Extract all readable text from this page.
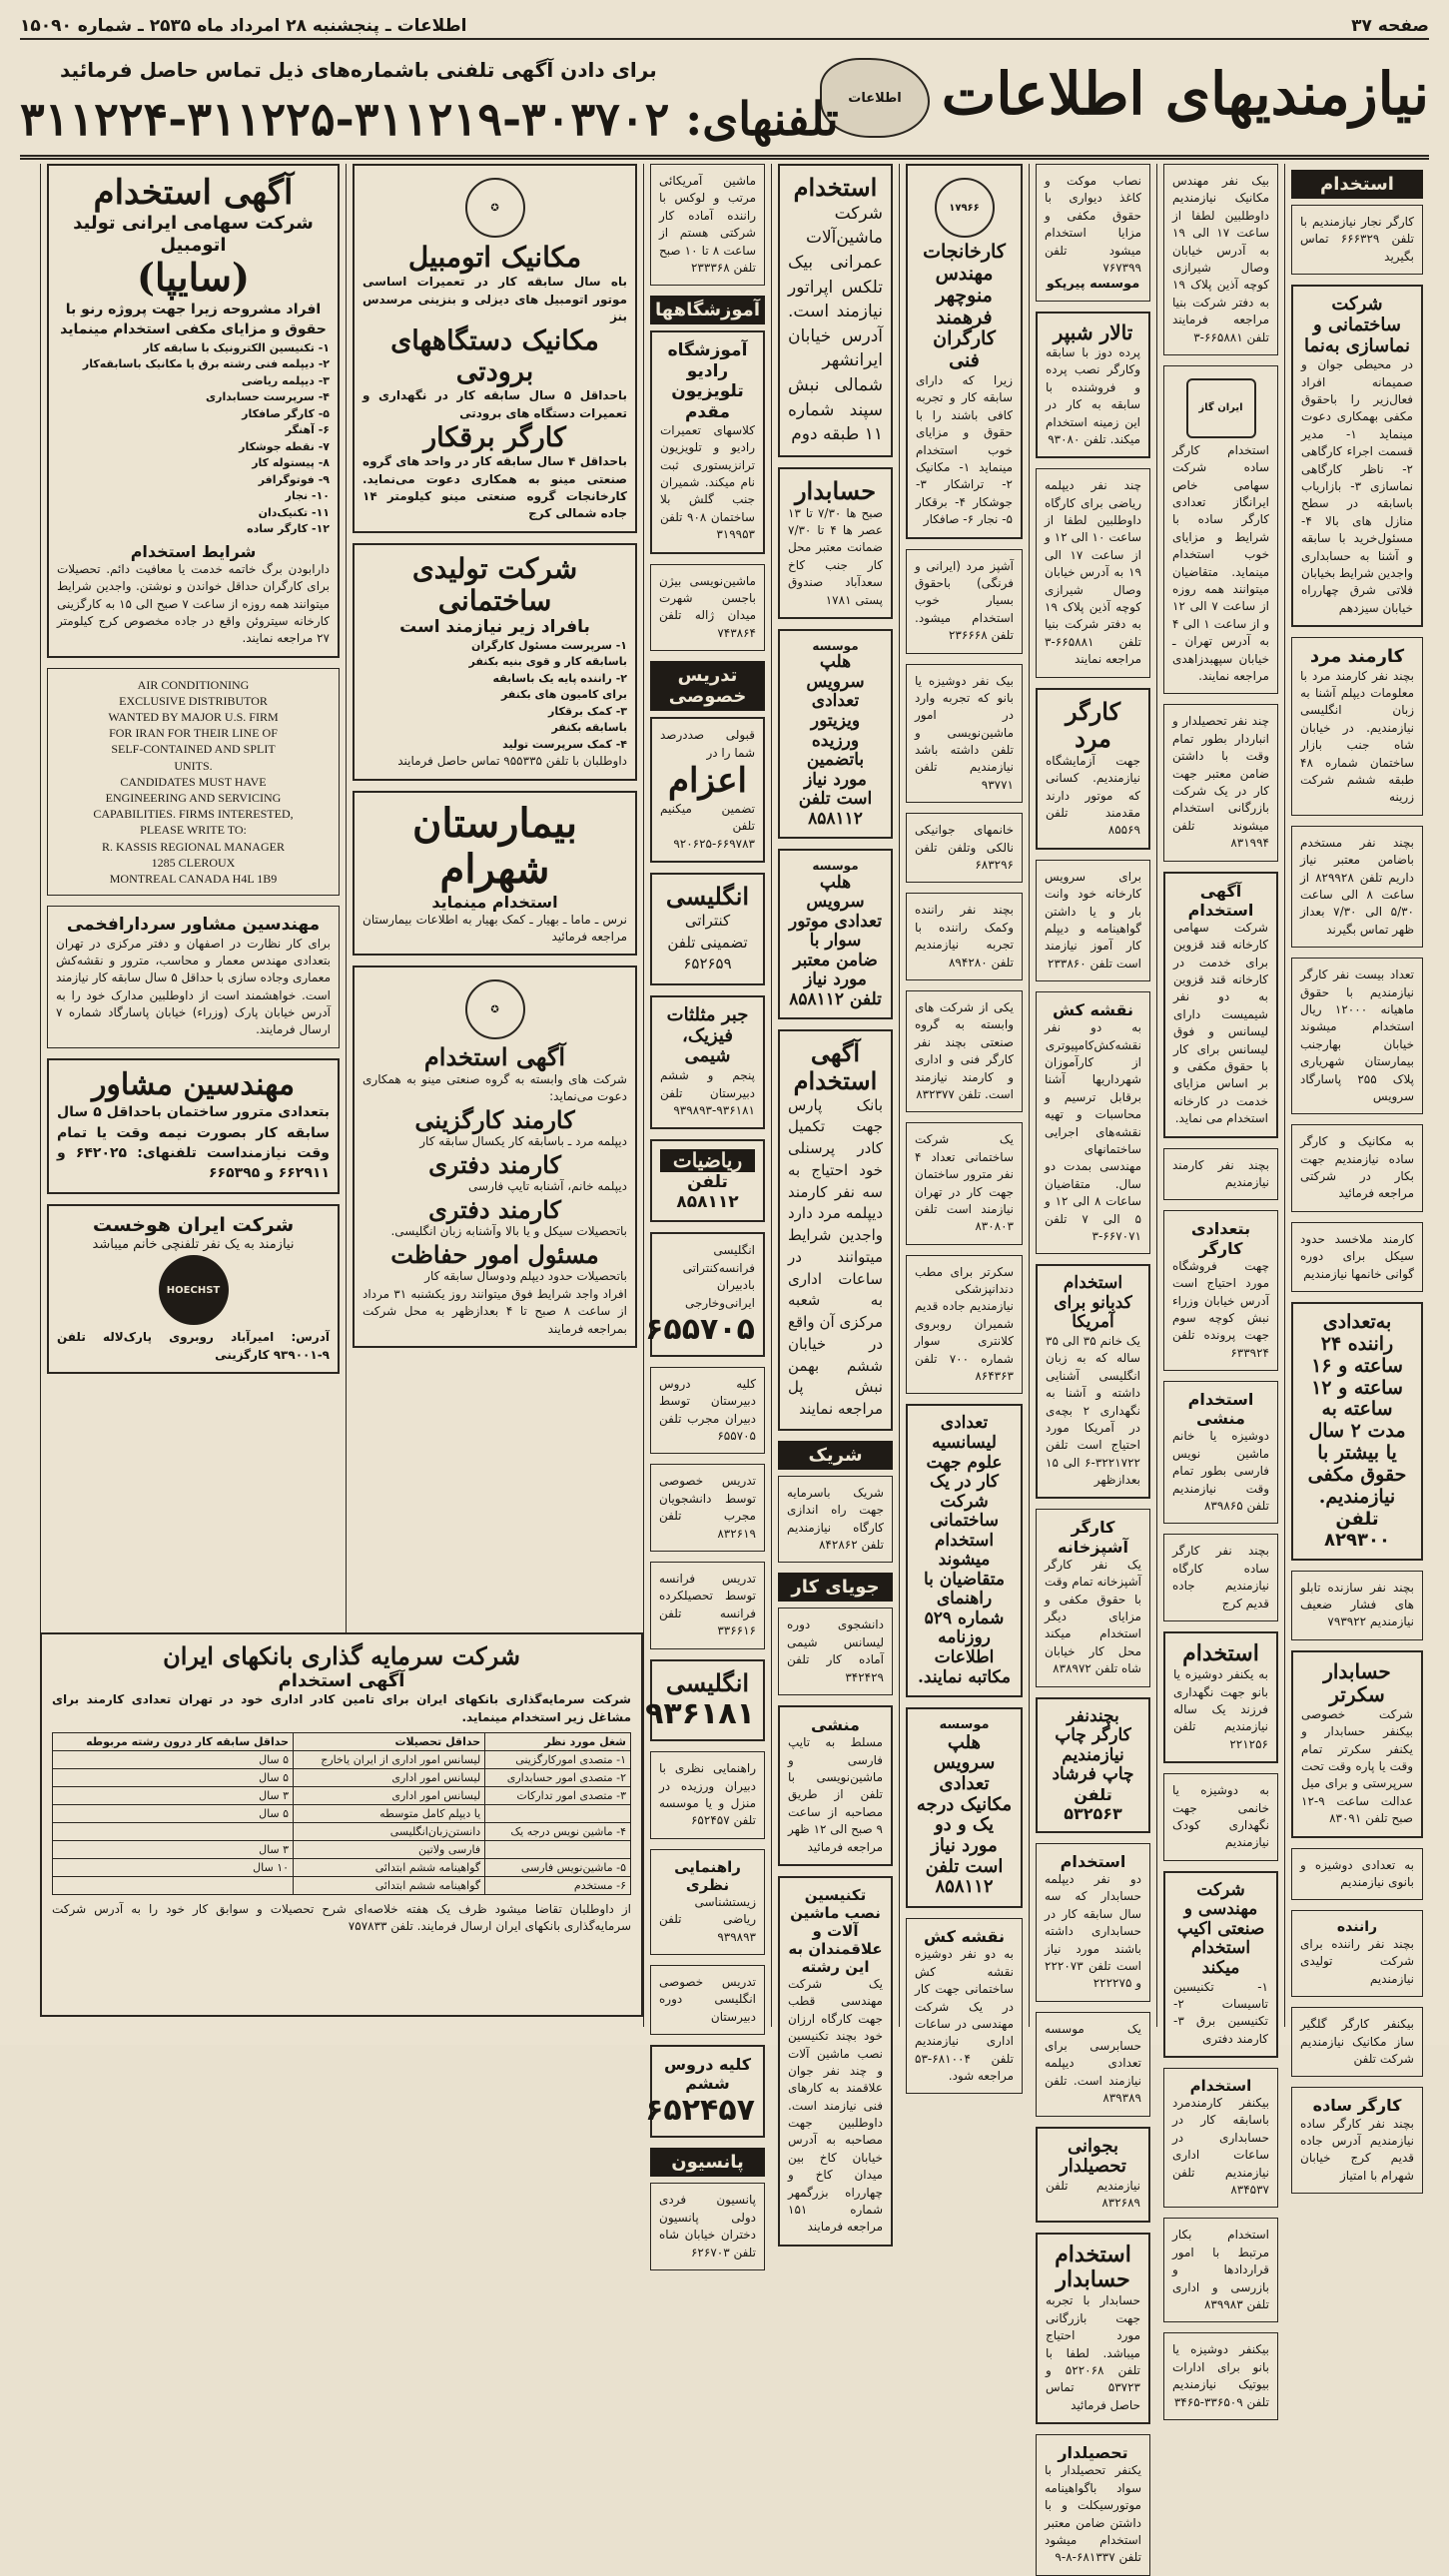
صفحه ۳۷
اطلاعات ـ پنجشنبه ۲۸ امرداد ماه ۲۵۳۵ ـ شماره ۱۵۰۹۰
نیازمندیهای اطلاعات
اطلاعات
برای دادن آگهی تلفنی باشماره‌های ذیل تماس حاصل فرمائید
تلفنهای: ۳۰۳۷۰۲-۳۱۱۲۱۹-۳۱۱۲۲۵-۳۱۱۲۲۴
استخدام

کارگر نجار نیازمندیم با تلفن ۶۶۶۳۲۹ تماس بگیرید

شرکت ساختمانی و نماسازی به‌نما

در محیطی جوان و صمیمانه افراد فعال‌زیر را باحقوق مکفی بهمکاری دعوت مینماید ۱- مدیر قسمت اجراء کارگاهی ۲- ناظر کارگاهی نماسازی ۳- بازاریاب باسابقه در سطح منازل های بالا ۴- مسئول‌خرید با سابقه و آشنا به حسابداری واجدین شرایط بخیابان فلاتی شرق چهارراه خیابان سیزدهم

کارمند مرد

بچند نفر کارمند مرد با معلومات دیپلم آشنا به زبان انگلیسی نیازمندیم. در خیابان شاه جنب بازار ساختمان شماره ۴۸ طبقه ششم شرکت زرینه

بچند نفر مستخدم باضامن معتبر نیاز داریم تلفن ۸۲۹۹۲۸ از ساعت ۸ الی ساعت ۵/۳۰ الی ۷/۳۰ بعداز ظهر تماس بگیرند

تعداد بیست نفر کارگر نیازمندیم با حقوق ماهیانه ۱۲۰۰۰ ریال استخدام میشوند خیابان بهارجنب بیمارستان شهریاری پلاک ۲۵۵ پاسارگاد سرویس

به مکانیک و کارگر ساده نیازمندیم جهت بکار در شرکتی مراجعه فرمائید

کارمند ملاخسد حدود سیکل برای دوره گوانی خانمها نیازمندیم

به‌تعدادی راننده ۲۴ ساعته و ۱۶ ساعته و ۱۲ ساعته به مدت ۲ سال یا بیشتر با حقوق مکفی نیازمندیم.
تلفن ۸۲۹۳۰۰

بچند نفر سازنده تابلو های فشار ضعیف نیازمندیم ۷۹۳۹۲۲

حسابدار سکرتر

شرکت خصوصی بیکنفر حسابدار و یکنفر سکرتر تمام وقت یا پاره وقت تحت سرپرستی و برای میل عدالت ساعت ۹-۱۲ صبح تلفن ۸۳۰۹۱

به تعدادی دوشیزه و بانوی نیازمندیم

راننده

بچند نفر راننده برای شرکت تولیدی نیازمندیم

بیکنفر کارگر گلگیر ساز مکانیک نیازمندیم شرکت تلفن

کارگر ساده

بچند نفر کارگر ساده نیازمندیم آدرس جاده قدیم کرج خیابان شهرام با امتیاز

بیک نفر مهندس مکانیک نیازمندیم داوطلبین لطفا از ساعت ۱۷ الی ۱۹ به آدرس خیابان وصال شیرازی کوچه آذین پلاک ۱۹ به دفتر شرکت بنیا مراجعه فرمایند تلفن ۶۶۵۸۸۱-۳

ایران گاز

استخدام کارگر ساده شرکت سهامی خاص ایرانگاز تعدادی کارگر ساده با شرایط و مزایای خوب استخدام مینماید. متقاضیان میتوانند همه روزه از ساعت ۷ الی ۱۲ و از ساعت ۱ الی ۴ به آدرس تهران ـ خیابان سپهبدزاهدی مراجعه نمایند.

چند نفر تحصیلدار و انباردار بطور تمام وقت با داشتن ضامن معتبر جهت کار در یک شرکت بازرگانی استخدام میشوند تلفن ۸۳۱۹۹۴

آگهی استخدام

شرکت سهامی کارخانه قند قزوین برای خدمت در کارخانه قند قزوین به دو نفر شیمیست دارای لیسانس و فوق لیسانس برای کار با حقوق مکفی و بر اساس مزایای خدمت در کارخانه استخدام می نماید.

بچند نفر کارمند نیازمندیم

بتعدادی کارگر

چهت فروشگاه مورد احتیاج است آدرس خیابان وزراء نبش کوچه سوم جهت پرونده تلفن ۶۳۳۹۲۴

استخدام منشی

دوشیزه یا خانم ماشین نویس فارسی بطور تمام وقت نیازمندیم تلفن ۸۳۹۸۶۵

بچند نفر کارگر ساده کارگاه نیازمندیم جاده قدیم کرج

استخدام

به یکنفر دوشیزه یا بانو جهت نگهداری فرزند یک ساله نیازمندیم تلفن ۲۲۱۲۵۶

به دوشیزه یا خانمی جهت نگهداری کودک نیازمندیم

شرکت مهندسی و صنعتی اکیپ استخدام میکند

۱- تکنیسین تاسیسات ۲- تکنیسین برق ۳- کارمند دفتری

استخدام

بیکنفر کارمندمرد باسابقه کار در حسابداری در ساعات اداری نیازمندیم تلفن ۸۳۴۵۳۷

استخدام بکار مرتبط با امور قراردادها و بازرسی و اداری تلفن ۸۳۹۹۸۳

بیکنفر دوشیزه یا بانو برای ادارات بیوتیک نیازمندیم تلفن ۳۳۶۵۰۹-۳۴۶۵

نصاب موکت و کاغذ دیواری با حقوق مکفی و مزایا استخدام میشود تلفن ۷۶۷۳۹۹

موسسه پیرپکو
تالار شبپر

پرده دوز با سابقه وکارگر نصب پرده و فروشنده با سابقه به کار در این زمینه استخدام میکند. تلفن ۹۳۰۸۰

چند نفر دیپلمه ریاضی برای کارگاه داوطلبین لطفا از ساعت ۱۰ الی ۱۲ و از ساعت ۱۷ الی ۱۹ به آدرس خیابان وصال شیرازی کوچه آذین پلاک ۱۹ به دفتر شرکت بنیا تلفن ۶۶۵۸۸۱-۳ مراجعه نمایند

کارگر مرد

جهت آزمایشگاه نیازمندیم. کسانی که موتور دارند مقدمند تلفن ۸۵۵۶۹

برای سرویس کارخانه خود وانت بار و یا داشتن گواهینامه و دیپلم کار آموز نیازمند است تلفن ۲۳۳۸۶۰

نقشه کش

به دو نفر نقشه‌کش‌کامپیوتری از کارآموزان شهرداریها آشنا برقابل ترسیم و محاسبات و تهیه نقشه‌های اجرایی ساختمانهای مهندسی بمدت دو سال. متقاضیان ساعات ۸ الی ۱۲ و ۵ الی ۷ تلفن ۶۶۷۰۷۱-۳

استخدام کدبانو برای آمریکا

یک خانم ۳۵ الی ۳۵ ساله که به زبان انگلیسی آشنایی داشته و آشنا به نگهداری ۲ بچه‌ی در آمریکا مورد احتیاج است تلفن ۳۲۲۱۷۲۲-۶ الی ۱۵ بعدازظهر

کارگر آشپزخانه

یک نفر کارگر آشپزخانه تمام وقت با حقوق مکفی و مزایای دیگر استخدام میکند محل کار خیابان شاه تلفن ۸۳۸۹۷۲

بچندنفر کارگر چاپ نیازمندیم چاپ فرشاد
تلفن ۵۳۲۵۶۳
استخدام

دو نفر دیپلمه حسابدار که سه سال سابقه کار در حسابداری داشته باشند مورد نیاز است تلفن ۲۲۲۰۷۳ و ۲۲۲۲۷۵

یک موسسه حسابرسی برای تعدادی دیپلمه نیازمند است. تلفن ۸۳۹۳۸۹

بجوانی تحصیلدار

نیازمندیم تلفن ۸۳۲۶۸۹

استخدام حسابدار

حسابدار با تجربه جهت بازرگانی مورد احتیاج میباشد. لطفا با تلفن ۵۲۲۰۶۸ و ۵۳۷۲۳ تماس حاصل فرمائید

تحصیلدار

یکنفر تحصیلدار با سواد باگواهینامه موتورسیکلت و با داشتن ضامن معتبر استخدام میشود تلفن ۶۸۱۳۳۷-۸-۹

۱۷۹۶۶
کارخانجات مهندس منوچهر فرهمند کارگران فنی

زیرا که دارای سابقه کار و تجربه کافی باشند را با حقوق و مزایای خوب استخدام مینماید ۱- مکانیک ۲- تراشکار ۳- جوشکار ۴- برقکار ۵- نجار ۶- صافکار

آشپز مرد (ایرانی و فرنگی) باحقوق بسیار خوب استخدام میشود. تلفن ۲۳۶۶۶۸

بیک نفر دوشیزه یا بانو که تجربه وارد در امور ماشین‌نویسی و تلفن داشته باشد نیازمندیم تلفن ۹۳۷۷۱

خانمهای جوانیکی نالکی وتلفن تلفن ۶۸۳۲۹۶

بچند نفر راننده وکمک راننده با تجربه نیازمندیم تلفن ۸۹۴۲۸۰

یکی از شرکت های وابسته به گروه صنعتی بچند نفر کارگر فنی و اداری و کارمند نیازمند است. تلفن ۸۳۲۳۷۷

یک شرکت ساختمانی تعداد ۴ نفر مترور ساختمان جهت کار در تهران نیازمند است تلفن ۸۳۰۸۰۳

سکرتر برای مطب دندانپزشکی نیازمندیم جاده قدیم شمیران روبروی کلانتری سوار شماره ۷۰۰ تلفن ۸۶۴۳۶۳

تعدادی لیسانسیه علوم جهت کار در یک شرکت ساختمانی استخدام میشوند متقاضیان با راهنمای شماره ۵۲۹ روزنامه اطلاعات مکاتبه نمایند.
موسسه
هلپ سرویس تعدادی مکانیک درجه یک و دو مورد نیاز است تلفن ۸۵۸۱۱۲
نقشه کش

به دو نفر دوشیزه نقشه کش ساختمانی جهت کار در یک شرکت مهندسی در ساعات اداری نیازمندیم تلفن ۶۸۱۰۰۴-۵۳ مراجعه شود.

استخدام

شرکت ماشین‌آلات عمرانی بیک تلکس اپراتور نیازمند است. آدرس خیابان ایرانشهر شمالی نبش سپند شماره ۱۱ طبقه دوم

حسابدار

صبح ها ۷/۳۰ تا ۱۳ عصر ها ۴ تا ۷/۳۰ ضمانت معتبر محل کار جنب کاخ سعدآباد صندوق پستی ۱۷۸۱

موسسه
هلپ سرویس تعدادی ویزیتور ورزیده باتضمین مورد نیاز است تلفن ۸۵۸۱۱۲
موسسه
هلپ سرویس تعدادی موتور سوار با ضامن معتبر مورد نیاز تلفن ۸۵۸۱۱۲
آگهی استخدام

بانک پارس جهت تکمیل کادر پرسنلی خود احتیاج به سه نفر کارمند دیپلمه مرد دارد واجدین شرایط میتوانند در ساعات اداری به شعبه مرکزی آن واقع در خیابان ششم بهمن نبش پل مراجعه نمایند

شریک

شریک باسرمایه جهت راه اندازی کارگاه نیازمندیم تلفن ۸۴۲۸۶۲

جویای کار

دانشجوی دوره لیسانس شیمی آماده کار تلفن ۳۴۲۴۲۹

منشی

مسلط به تایپ فارسی و ماشین‌نویسی با تلفن از طریق مصاحبه از ساعت ۹ صبح الی ۱۲ ظهر مراجعه فرمائید

تکنیسین نصب ماشین آلات و علاقمندان به این رشته

یک شرکت مهندسی قطب جهت کارگاه ارزان خود بچند تکنیسین نصب ماشین آلات و چند نفر جوان علاقمند به کارهای فنی نیازمند است. داوطلبین جهت مصاحبه به آدرس خیابان کاخ بین میدان کاخ و چهارراه بزرگمهر شماره ۱۵۱ مراجعه فرمایند

ماشین آمریکائی مرتب و لوکس با راننده آماده کار شرکتی هستم از ساعت ۸ تا ۱۰ صبح تلفن ۲۳۳۳۶۸

آموزشگاهها
آموزشگاه رادیو تلویزیون مقدم

کلاسهای تعمیرات رادیو و تلویزیون ترانزیستوری ثبت نام میکند. شمیران جنب گلش بلا ساختمان ۹۰۸ تلفن ۳۱۹۹۵۳

ماشین‌نویسی بیژن باجسن شهرت میدان ژاله تلفن ۷۴۳۸۶۴

تدریس خصوصی

قبولی صددرصد شما را در

اعزام

تضمین میکنیم تلفن ۶۶۹۷۸۳-۹۲۰۶۲۵

انگلیسی

کنتراتی تضمینی تلفن ۶۵۲۶۵۹

جبر مثلثات فیزیک، شیمی

پنجم و ششم دبیرستان تلفن ۹۳۶۱۸۱-۹۳۹۸۹۳

ریاضیات
تلفن ۸۵۸۱۱۲

انگلیسی فرانسه‌کنتراتی بادبیران ایرانی‌وخارجی

۶۵۵۷۰۵

کلیه دروس دبیرستان توسط دبیران مجرب تلفن ۶۵۵۷۰۵

تدریس خصوصی توسط دانشجویان مجرب تلفن ۸۳۲۶۱۹

تدریس فرانسه توسط تحصیلکرده فرانسه تلفن ۳۳۶۶۱۶

انگلیسی
۹۳۶۱۸۱

راهنمایی نظری با دبیران ورزیده در منزل و یا موسسه تلفن ۶۵۲۴۵۷

راهنمایی نظری

زیستشناسی ریاضی تلفن ۹۳۹۸۹۳

تدریس خصوصی انگلیسی دوره دبیرستان

کلیه دروس ششم
۶۵۲۴۵۷
پانسیون

پانسیون فردی دولی پانسیون دختران خیابان شاه تلفن ۶۲۶۷۰۳

آگهی استخدام
شرکت سهامی ایرانی تولید اتومبیل
(سایپا)

افراد مشروحه زیرا جهت پروژه رنو با حقوق و مزایای مکفی استخدام مینماید

۱- تکنیسین الکترونیک با سابقه کار

۲- دیپلمه فنی رشته برق یا مکانیک باسابقه‌کار

۳- دیپلمه ریاضی

۴- سرپرست حسابداری

۵- کارگر صافکار

۶- آهنگر

۷- نقطه جوشکار

۸- پیستوله کار

۹- فوتوگرافر

۱۰- نجار

۱۱- تکنیک‌دان

۱۲- کارگر ساده

شرایط استخدام

دارابودن برگ خاتمه خدمت یا معافیت دائم. تحصیلات برای کارگران حداقل خواندن و نوشتن. واجدین شرایط میتوانند همه روزه از ساعت ۷ صبح الی ۱۵ به کارگزینی کارخانه سیتروئن واقع در جاده مخصوص کرج کیلومتر ۲۷ مراجعه نمایند.

AIR CONDITIONING
EXCLUSIVE DISTRIBUTOR
WANTED BY MAJOR U.S. FIRM
FOR IRAN FOR THEIR LINE OF
SELF-CONTAINED AND SPLIT
UNITS.
CANDIDATES MUST HAVE
ENGINEERING AND SERVICING
CAPABILITIES. FIRMS INTERESTED,
PLEASE WRITE TO:
R. KASSIS REGIONAL MANAGER
1285 CLEROUX
MONTREAL CANADA H4L 1B9
مهندسین مشاور سردارافخمی

برای کار نظارت در اصفهان و دفتر مرکزی در تهران بتعدادی مهندس معمار و محاسب، مترور و نقشه‌کش معماری وجاده سازی با حداقل ۵ سال سابقه کار نیازمند است. خواهشمند است از داوطلبین مدارک خود را به آدرس خیابان پارک (وزراء) خیابان پاسارگاد شماره ۷ ارسال فرمایند.

مهندسین مشاور

بتعدادی مترور ساختمان باحداقل ۵ سال سابقه کار بصورت نیمه وقت یا تمام وقت نیازمنداست تلفنهای: ۶۴۲۰۲۵ و ۶۶۲۹۱۱ و ۶۶۵۳۹۵

شرکت ایران هوخست

نیازمند به یک نفر تلفنچی خانم میباشد

HOECHST

آدرس: امیرآباد روبروی پارک‌لاله تلفن ۹-۹۳۹۰۰۱ کارگزینی

✪
مکانیک اتومبیل

باه سال سابقه کار در تعمیرات اساسی موتور اتومبیل های دیزلی و بنزینی مرسدس بنز

مکانیک دستگاههای برودتی

باحداقل ۵ سال سابقه کار در نگهداری و تعمیرات دستگاه های برودتی

کارگر برقکار

باحداقل ۴ سال سابقه کار در واحد های گروه صنعتی مینو به همکاری دعوت می‌نماید. کارخانجات گروه صنعتی مینو کیلومتر ۱۴ جاده شمالی کرج

شرکت تولیدی ساختمانی
بافراد زیر نیازمند است

۱- سرپرست مسئول کارگران

باسابقه کار و قوی بنیه بکنفر

۲- راننده پایه یک باسابقه

برای کامیون های بکنفر

۳- کمک برقکار

باسابقه بکنفر

۴- کمک سرپرست تولید

داوطلبان با تلفن ۹۵۵۳۳۵ تماس حاصل فرمایند

بیمارستان شهرام
استخدام مینماید

نرس ـ ماما ـ بهیار ـ کمک بهیار به اطلاعات بیمارستان مراجعه فرمائید

✪
آگهی استخدام

شرکت های وابسته به گروه صنعتی مینو به همکاری دعوت می‌نماید:

کارمند کارگزینی

دیپلمه مرد ـ باسابقه کار یکسال سابقه کار

کارمند دفتری

دیپلمه خانم، آشنابه تایپ فارسی

کارمند دفتری

باتحصیلات سیکل و یا بالا وآشنابه زبان انگلیسی.

مسئول امور حفاظت

باتحصیلات حدود دیپلم ودوسال سابقه کار

افراد واجد شرایط فوق میتوانند روز یکشنبه ۳۱ مرداد از ساعت ۸ صبح تا ۴ بعدازظهر به محل شرکت بمراجعه فرمایند

شرکت سرمایه گذاری بانکهای ایران
آگهی استخدام

شرکت سرمایه‌گذاری بانکهای ایران برای تامین کادر اداری خود در تهران تعدادی کارمند برای مشاغل زیر استخدام مینماید.

شغل مورد نظر	حداقل تحصیلات	حداقل سابقه کار درون رشته مربوطه
۱- متصدی امورکارگزینی	لیسانس امور اداری از ایران یاخارج	۵ سال
۲- متصدی امور حسابداری	لیسانس امور اداری	۵ سال
۳- متصدی امور تدارکات	لیسانس امور اداری	۳ سال
	یا دیپلم کامل متوسطه	۵ سال
۴- ماشین نویس درجه یک	دانستن‌زبان‌انگلیسی	
	فارسی ولاتین	۳ سال
۵- ماشین‌نویس فارسی	گواهینامه ششم ابتدائی	۱۰ سال
۶- مستخدم	گواهینامه ششم ابتدائی	

از داوطلبان تقاضا میشود ظرف یک هفته خلاصه‌ای شرح تحصیلات و سوابق کار خود را به آدرس شرکت سرمایه‌گذاری بانکهای ایران ارسال فرمایند. تلفن ۷۵۷۸۳۳
